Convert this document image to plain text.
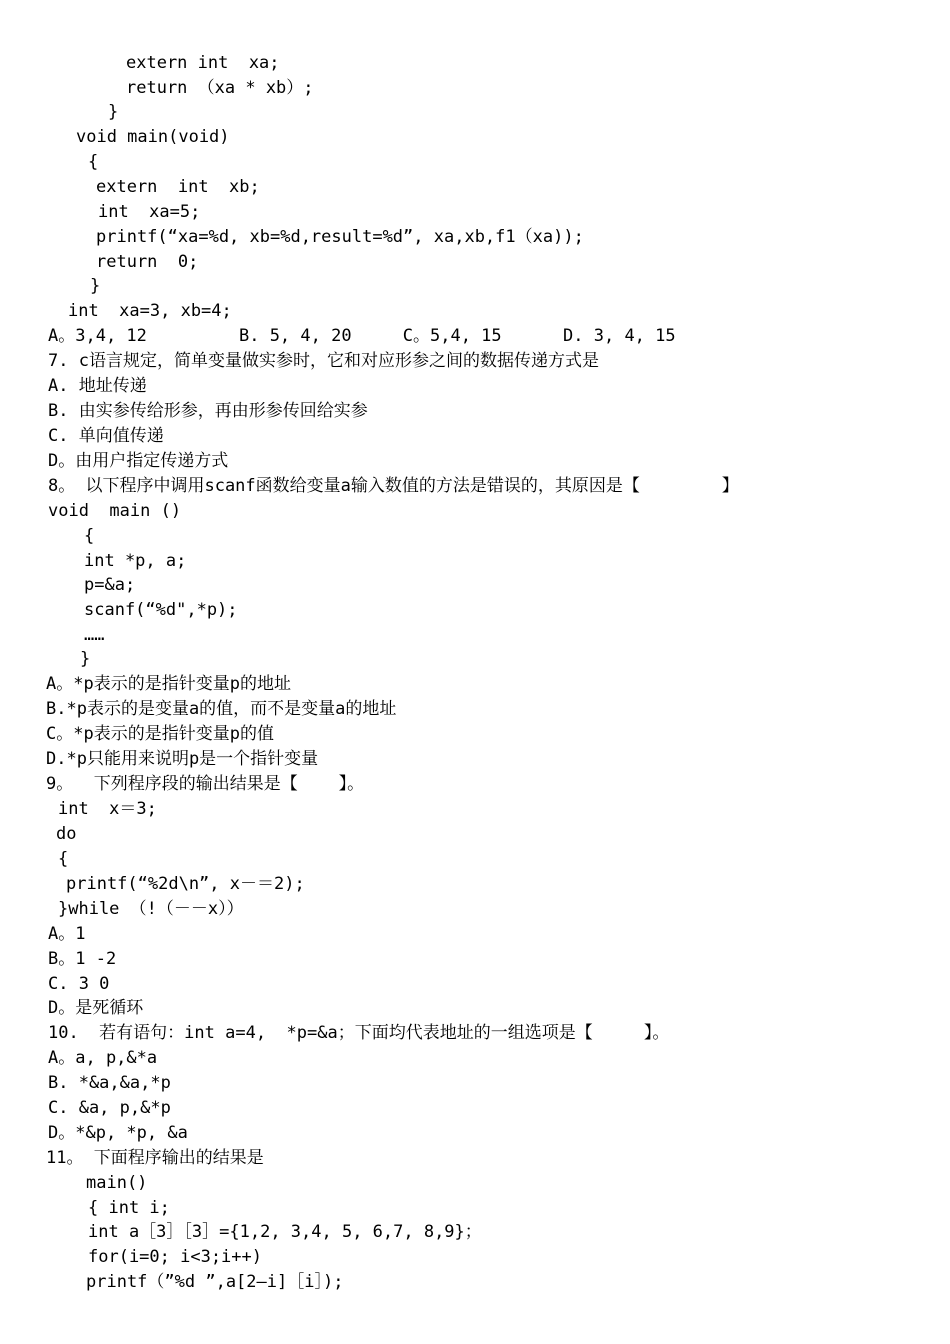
extern int  xa;
return （xa * xb）;
}
void main(void)
{
extern  int  xb;
int  xa=5;
printf(“xa=%d, xb=%d,result=%d”, xa,xb,f1（xa));
return  0;
}
int  xa=3, xb=4;
A。3,4, 12         B. 5, 4, 20     C。5,4, 15      D. 3, 4, 15
7. c语言规定，简单变量做实参时，它和对应形参之间的数据传递方式是
A. 地址传递
B. 由实参传给形参，再由形参传回给实参
C. 单向值传递
D。由用户指定传递方式
8。 以下程序中调用scanf函数给变量a输入数值的方法是错误的，其原因是【        】
void  main ()
{
int *p, a;
p=&a;
scanf(“%d",*p);
……
}
A。*p表示的是指针变量p的地址
B.*p表示的是变量a的值，而不是变量a的地址
C。*p表示的是指针变量p的值
D.*p只能用来说明p是一个指针变量
9。  下列程序段的输出结果是【    】。
int  x＝3;
do
{
printf(“%2d\n”, x－＝2);
}while （!（－－x））
A。1
B。1 -2
C. 3 0
D。是死循环
10.  若有语句：int a=4,  *p=&a；下面均代表地址的一组选项是【     】。
A。a, p,&*a
B. *&a,&a,*p
C. &a, p,&*p
D。*&p, *p, &a
11。 下面程序输出的结果是
main()
{ int i;
int a［3］［3］={1,2, 3,4, 5, 6,7, 8,9}；
for(i=0; i<3;i++)
printf（”%d ”,a[2—i]［i］);
